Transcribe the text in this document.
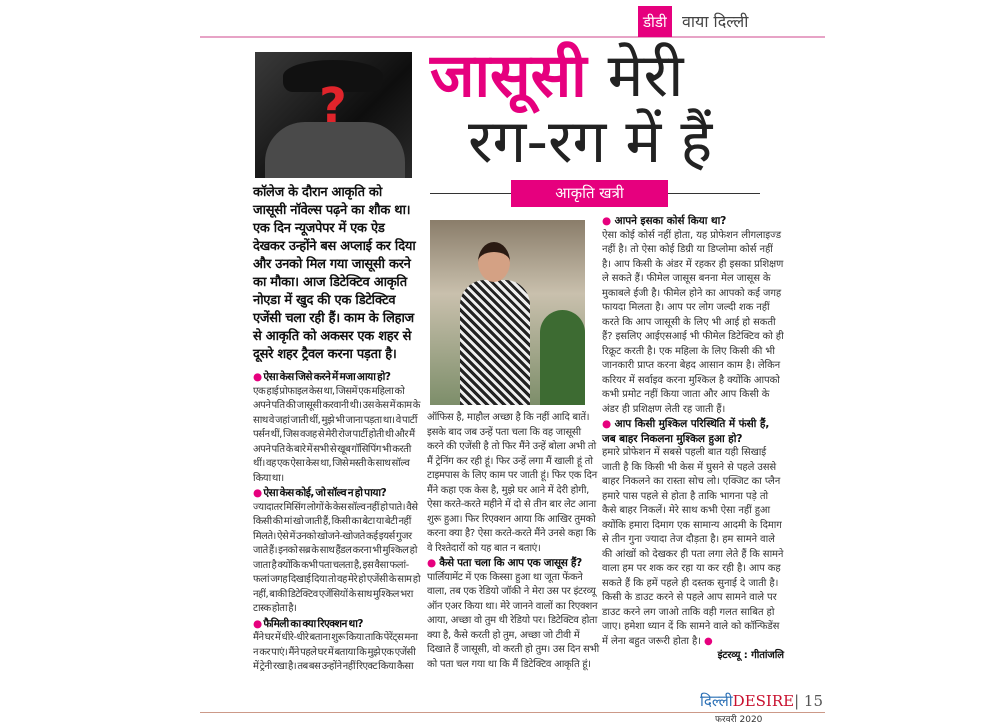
डीडी वाया दिल्ली
? जासूसी मेरी
रग-रग में हैं
आकृति खत्री
कॉलेज के दौरान आकृति को जासूसी नॉवेल्स पढ़ने का शौक था। एक दिन न्यूजपेपर में एक ऐड देखकर उन्होंने बस अप्लाई कर दिया और उनको मिल गया जासूसी करने का मौका। आज डिटेक्टिव आकृति नोएडा में खुद की एक डिटेक्टिव एजेंसी चला रही हैं। काम के लिहाज से आकृति को अकसर एक शहर से दूसरे शहर ट्रैवल करना पड़ता है।

● ऐसा केस जिसे करने में मजा आया हो?

एक हाई प्रोफाइल केस था, जिसमें एक महिला को अपने पति की जासूसी करवानी थी। उस केस में काम के साथ वे जहां जाती थीं, मुझे भी जाना पड़ता था। वे पार्टी पर्सन थीं, जिस वजह से मेरी रोज पार्टी होती थी और मैं अपने पति के बारे में सभी से खूब गॉसिपिंग भी करती थीं। वह एक ऐसा केस था, जिसे मस्ती के साथ सॉल्व किया था।

● ऐसा केस कोई, जो सॉल्व न हो पाया?

ज्यादातर मिसिंग लोगों के केस सॉल्व नहीं हो पाते। वैसे किसी की मां खो जाती हैं, किसी का बेटा या बेटी नहीं मिलते। ऐसे में उनको खोजने-खोजते कई इयर्स गुजर जाते हैं। इनको सब्र के साथ हैंडल करना भी मुश्किल हो जाता है क्योंकि कभी पता चलता है, इस वैसा फलां-फलां जगह दिखाई दिया तो वह मेरे हो एजेंसी के साम हो नहीं, बाकी डिटेक्टिव एजेंसियों के साथ मुश्किल भरा टास्क होता है।

● फैमिली का क्या रिएक्शन था?

मैंने घर में धीरे-धीरे बताना शुरू किया ताकि पेरेंट्स मना न कर पाएं। मैंने पहले घर में बताया कि मुझे एक एजेंसी में ट्रेनी रखा है। तब बस उन्होंने नहीं रिएक्ट किया कैसा

ऑफिस है, माहौल अच्छा है कि नहीं आदि बातें। इसके बाद जब उन्हें पता चला कि वह जासूसी करने की एजेंसी है तो फिर मैंने उन्हें बोला अभी तो मैं ट्रेनिंग कर रही हूं। फिर उन्हें लगा मैं खाली हूं तो टाइमपास के लिए काम पर जाती हूं। फिर एक दिन मैंने कहा एक केस है, मुझे घर आने में देरी होगी, ऐसा करते-करते महीने में दो से तीन बार लेट आना शुरू हुआ। फिर रिएक्शन आया कि आखिर तुमको करना क्या है? ऐसा करते-करते मैंने उनसे कहा कि वे रिश्तेदारों को यह बात न बताएं।

● कैसे पता चला कि आप एक जासूस हैं?

पार्लियामेंट में एक किस्सा हुआ था जूता फेंकने वाला, तब एक रेडियो जॉकी ने मेरा उस पर इंटरव्यू ऑन एअर किया था। मेरे जानने वालों का रिएक्शन आया, अच्छा वो तुम थी रेडियो पर। डिटेक्टिव होता क्या है, कैसे करती हो तुम, अच्छा जो टीवी में दिखाते हैं जासूसी, वो करती हो तुम। उस दिन सभी को पता चल गया था कि मैं डिटेक्टिव आकृति हूं।

● आपने इसका कोर्स किया था?

ऐसा कोई कोर्स नहीं होता, यह प्रोफेशन लीगलाइज्ड नहीं है। तो ऐसा कोई डिग्री या डिप्लोमा कोर्स नहीं है। आप किसी के अंडर में रहकर ही इसका प्रशिक्षण ले सकते हैं। फीमेल जासूस बनना मेल जासूस के मुकाबले ईजी है। फीमेल होने का आपको कई जगह फायदा मिलता है। आप पर लोग जल्दी शक नहीं करते कि आप जासूसी के लिए भी आई हो सकती हैं? इसलिए आईएसआई भी फीमेल डिटेक्टिव को ही रिक्रूट करती है। एक महिला के लिए किसी की भी जानकारी प्राप्त करना बेहद आसान काम है। लेकिन करियर में सर्वाइव करना मुश्किल है क्योंकि आपको कभी प्रमोट नहीं किया जाता और आप किसी के अंडर ही प्रशिक्षण लेती रह जाती हैं।

● आप किसी मुश्किल परिस्थिति में फंसी हैं, जब बाहर निकलना मुश्किल हुआ हो?

हमारे प्रोफेशन में सबसे पहली बात यही सिखाई जाती है कि किसी भी केस में घुसने से पहले उससे बाहर निकलने का रास्ता सोच लो। एक्जिट का प्लैन हमारे पास पहले से होता है ताकि भागना पड़े तो कैसे बाहर निकलें। मेरे साथ कभी ऐसा नहीं हुआ क्योंकि हमारा दिमाग एक सामान्य आदमी के दिमाग से तीन गुना ज्यादा तेज दौड़ता है। हम सामने वाले की आंखों को देखकर ही पता लगा लेते हैं कि सामने वाला हम पर शक कर रहा या कर रही है। आप कह सकते हैं कि हमें पहले ही दस्तक सुनाई दे जाती है। किसी के डाउट करने से पहले आप सामने वाले पर डाउट करने लग जाओ ताकि वही गलत साबित हो जाए। हमेशा ध्यान दें कि सामने वाले को कॉन्फिडेंस में लेना बहुत जरूरी होता है। ●

इंटरव्यू : गीतांजलि

दिल्लीDESIRE| 15
फरवरी 2020
